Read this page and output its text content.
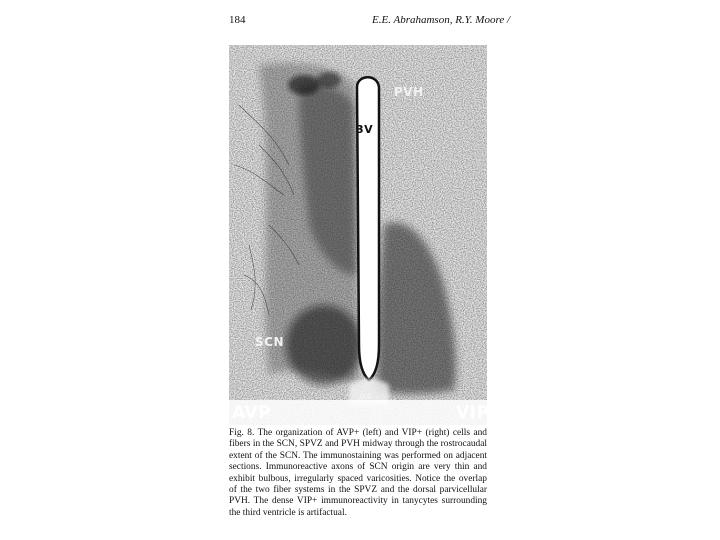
184	E.E. Abrahamson, R.Y. Moore /
PVH
3V
SCN
oc
AVP	VIP
Fig. 8. The organization of AVP+ (left) and VIP+ (right) cells and fibers in the SCN, SPVZ and PVH midway through the rostrocaudal extent of the SCN. The immunostaining was performed on adjacent sections. Immunoreactive axons of SCN origin are very thin and exhibit bulbous, irregularly spaced varicosities. Notice the overlap of the two fiber systems in the SPVZ and the dorsal parvicellular PVH. The dense VIP+ immunoreactivity in tanycytes surrounding the third ventricle is artifactual.
